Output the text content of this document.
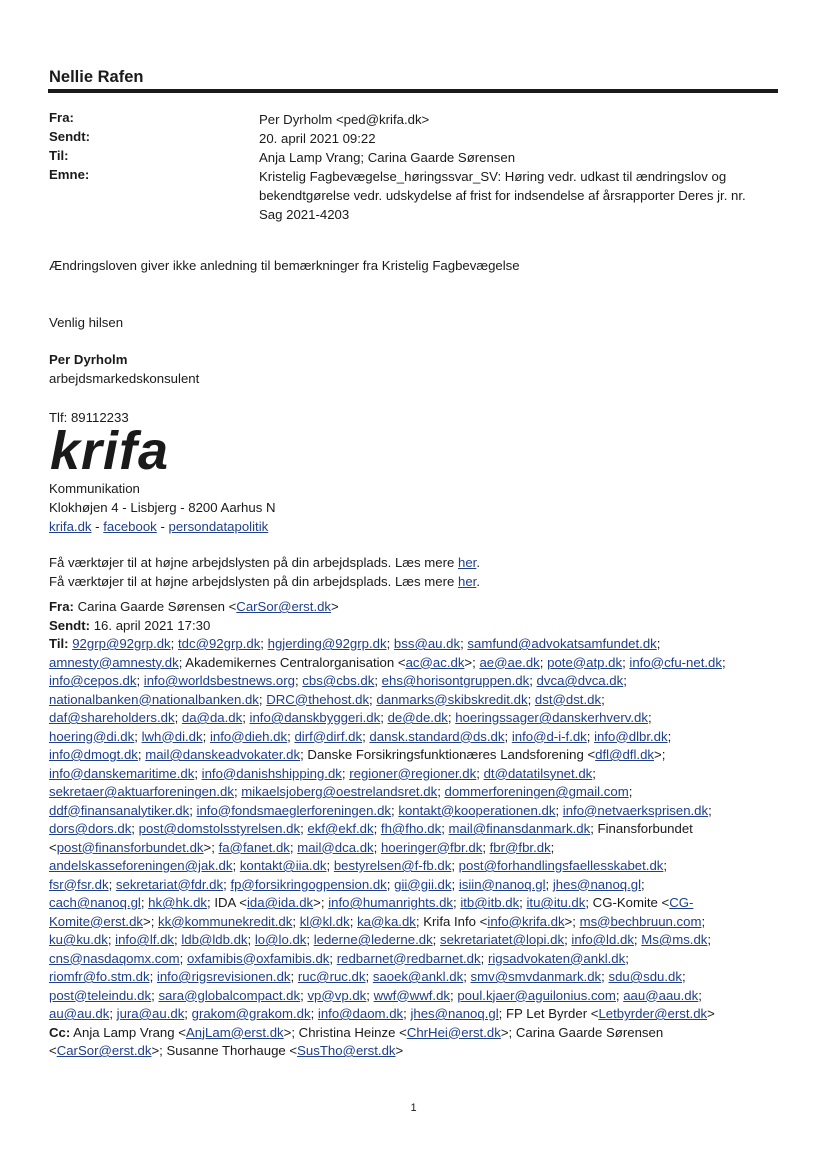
Nellie Rafen
Fra:	Per Dyrholm <ped@krifa.dk>
Sendt:	20. april 2021 09:22
Til:	Anja Lamp Vrang; Carina Gaarde Sørensen
Emne:	Kristelig Fagbevægelse_høringssvar_SV: Høring vedr. udkast til ændringslov og
bekendtgørelse vedr. udskydelse af frist for indsendelse af årsrapporter Deres jr. nr.
Sag 2021-4203
Ændringsloven giver ikke anledning til bemærkninger fra Kristelig Fagbevægelse
Venlig hilsen
Per Dyrholm
arbejdsmarkedskonsulent
Tlf: 89112233
krifa
Kommunikation
Klokhøjen 4 - Lisbjerg - 8200 Aarhus N
krifa.dk - facebook - persondatapolitik
Få værktøjer til at højne arbejdslysten på din arbejdsplads. Læs mere her.
Få værktøjer til at højne arbejdslysten på din arbejdsplads. Læs mere her.
Fra: Carina Gaarde Sørensen <CarSor@erst.dk>
Sendt: 16. april 2021 17:30
Til: 92grp@92grp.dk; tdc@92grp.dk; hgjerding@92grp.dk; bss@au.dk; samfund@advokatsamfundet.dk;
amnesty@amnesty.dk; Akademikernes Centralorganisation <ac@ac.dk>; ae@ae.dk; pote@atp.dk; info@cfu-net.dk;
info@cepos.dk; info@worldsbestnews.org; cbs@cbs.dk; ehs@horisontgruppen.dk; dvca@dvca.dk;
nationalbanken@nationalbanken.dk; DRC@thehost.dk; danmarks@skibskredit.dk; dst@dst.dk;
daf@shareholders.dk; da@da.dk; info@danskbyggeri.dk; de@de.dk; hoeringssager@danskerhverv.dk;
hoering@di.dk; lwh@di.dk; info@dieh.dk; dirf@dirf.dk; dansk.standard@ds.dk; info@d-i-f.dk; info@dlbr.dk;
info@dmogt.dk; mail@danskeadvokater.dk; Danske Forsikringsfunktionæres Landsforening <dfl@dfl.dk>;
info@danskemaritime.dk; info@danishshipping.dk; regioner@regioner.dk; dt@datatilsynet.dk;
sekretaer@aktuarforeningen.dk; mikaelsjoberg@oestrelandsret.dk; dommerforeningen@gmail.com;
ddf@finansanalytiker.dk; info@fondsmaeglerforeningen.dk; kontakt@kooperationen.dk; info@netvaerksprisen.dk;
dors@dors.dk; post@domstolsstyrelsen.dk; ekf@ekf.dk; fh@fho.dk; mail@finansdanmark.dk; Finansforbundet
<post@finansforbundet.dk>; fa@fanet.dk; mail@dca.dk; hoeringer@fbr.dk; fbr@fbr.dk;
andelskasseforeningen@jak.dk; kontakt@iia.dk; bestyrelsen@f-fb.dk; post@forhandlingsfaellesskabet.dk;
fsr@fsr.dk; sekretariat@fdr.dk; fp@forsikringogpension.dk; gii@gii.dk; isiin@nanoq.gl; jhes@nanoq.gl;
cach@nanoq.gl; hk@hk.dk; IDA <ida@ida.dk>; info@humanrights.dk; itb@itb.dk; itu@itu.dk; CG-Komite <CG-
Komite@erst.dk>; kk@kommunekredit.dk; kl@kl.dk; ka@ka.dk; Krifa Info <info@krifa.dk>; ms@bechbruun.com;
ku@ku.dk; info@lf.dk; ldb@ldb.dk; lo@lo.dk; lederne@lederne.dk; sekretariatet@lopi.dk; info@ld.dk; Ms@ms.dk;
cns@nasdaqomx.com; oxfamibis@oxfamibis.dk; redbarnet@redbarnet.dk; rigsadvokaten@ankl.dk;
riomfr@fo.stm.dk; info@rigsrevisionen.dk; ruc@ruc.dk; saoek@ankl.dk; smv@smvdanmark.dk; sdu@sdu.dk;
post@teleindu.dk; sara@globalcompact.dk; vp@vp.dk; wwf@wwf.dk; poul.kjaer@aguilonius.com; aau@aau.dk;
au@au.dk; jura@au.dk; grakom@grakom.dk; info@daom.dk; jhes@nanoq.gl; FP Let Byrder <Letbyrder@erst.dk>
Cc: Anja Lamp Vrang <AnjLam@erst.dk>; Christina Heinze <ChrHei@erst.dk>; Carina Gaarde Sørensen
<CarSor@erst.dk>; Susanne Thorhauge <SusTho@erst.dk>
1
